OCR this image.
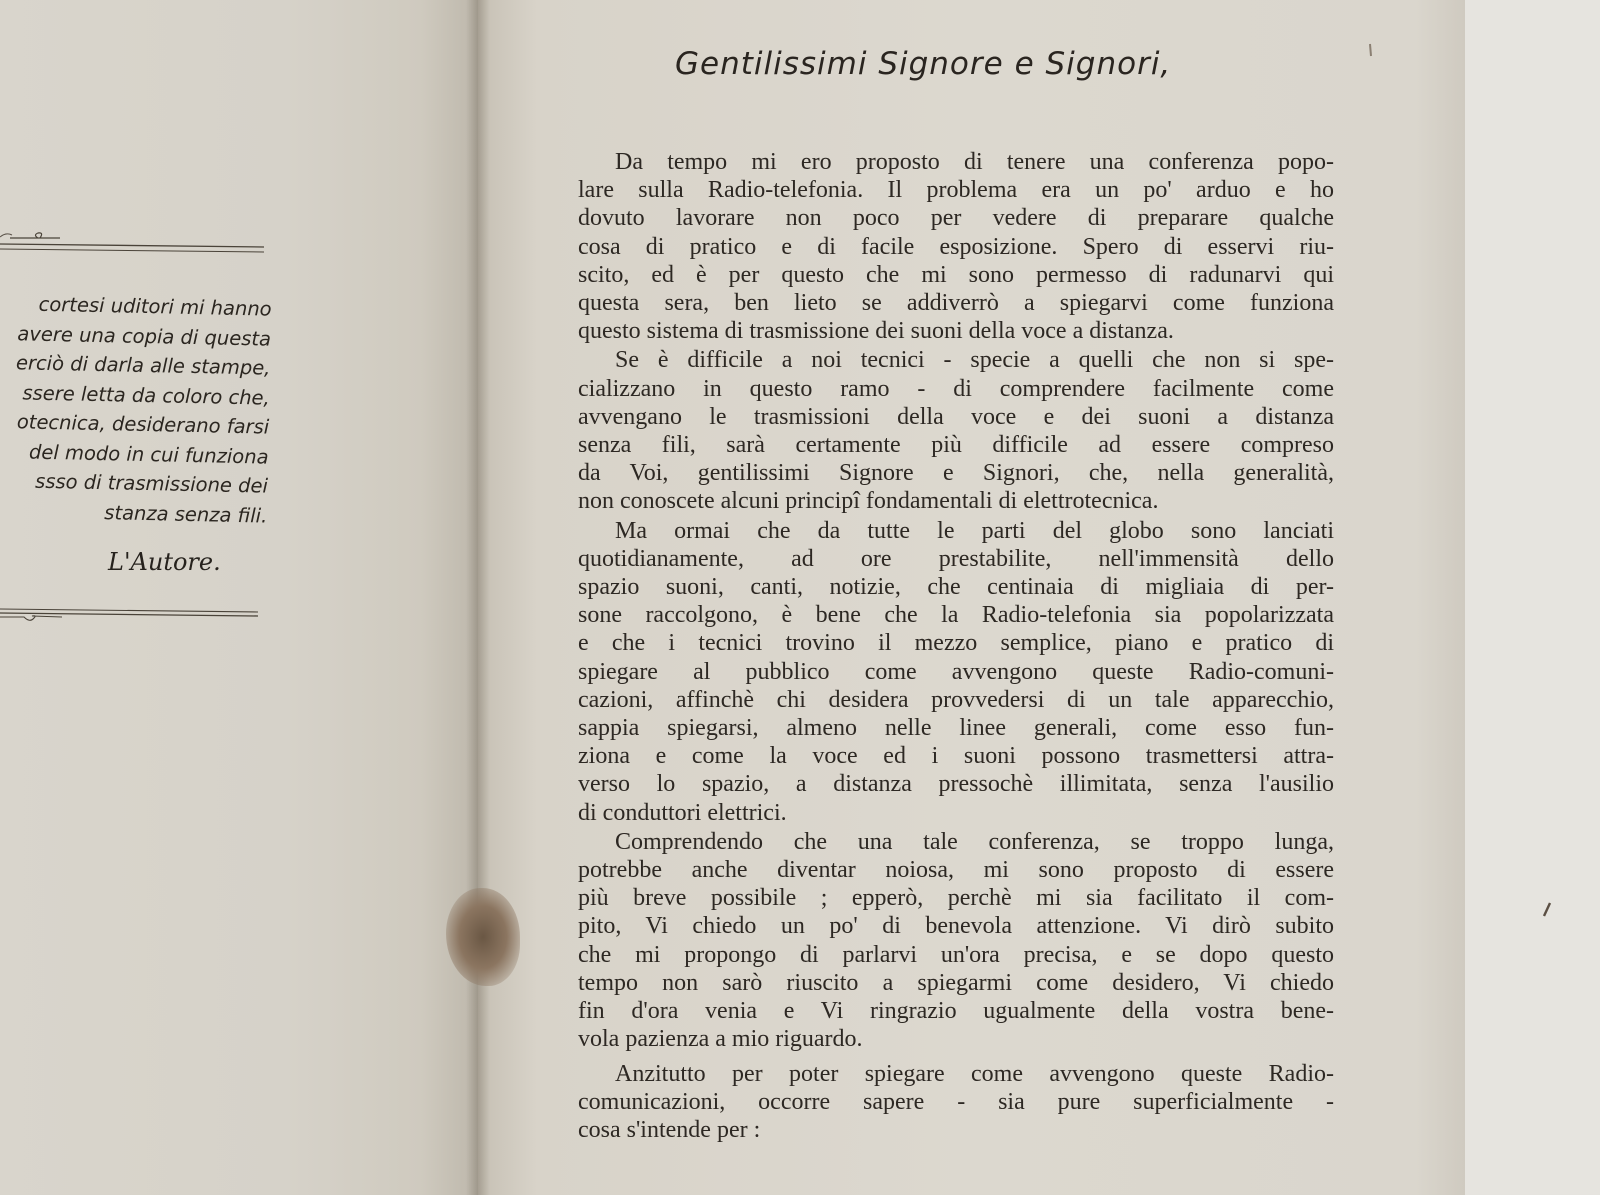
cortesi uditori mi hanno
avere una copia di questa
erciò di darla alle stampe,
ssere letta da coloro che,
otecnica, desiderano farsi
del modo in cui funziona
ssso di trasmissione dei
stanza senza fili.
L'Autore.
Gentilissimi Signore e Signori,

Da tempo mi ero proposto di tenere una conferenza popo-
lare sulla Radio-telefonia. Il problema era un po' arduo e ho
dovuto lavorare non poco per vedere di preparare qualche
cosa di pratico e di facile esposizione. Spero di esservi riu-
scito, ed è per questo che mi sono permesso di radunarvi qui
questa sera, ben lieto se addiverrò a spiegarvi come funziona
questo sistema di trasmissione dei suoni della voce a distanza.

Se è difficile a noi tecnici - specie a quelli che non si spe-
cializzano in questo ramo - di comprendere facilmente come
avvengano le trasmissioni della voce e dei suoni a distanza
senza fili, sarà certamente più difficile ad essere compreso
da Voi, gentilissimi Signore e Signori, che, nella generalità,
non conoscete alcuni principî fondamentali di elettrotecnica.

Ma ormai che da tutte le parti del globo sono lanciati
quotidianamente, ad ore prestabilite, nell'immensità dello
spazio suoni, canti, notizie, che centinaia di migliaia di per-
sone raccolgono, è bene che la Radio-telefonia sia popolarizzata
e che i tecnici trovino il mezzo semplice, piano e pratico di
spiegare al pubblico come avvengono queste Radio-comuni-
cazioni, affinchè chi desidera provvedersi di un tale apparecchio,
sappia spiegarsi, almeno nelle linee generali, come esso fun-
ziona e come la voce ed i suoni possono trasmettersi attra-
verso lo spazio, a distanza pressochè illimitata, senza l'ausilio
di conduttori elettrici.

Comprendendo che una tale conferenza, se troppo lunga,
potrebbe anche diventar noiosa, mi sono proposto di essere
più breve possibile ; epperò, perchè mi sia facilitato il com-
pito, Vi chiedo un po' di benevola attenzione. Vi dirò subito
che mi propongo di parlarvi un'ora precisa, e se dopo questo
tempo non sarò riuscito a spiegarmi come desidero, Vi chiedo
fin d'ora venia e Vi ringrazio ugualmente della vostra bene-
vola pazienza a mio riguardo.

Anzitutto per poter spiegare come avvengono queste Radio-
comunicazioni, occorre sapere - sia pure superficialmente -
cosa s'intende per :
